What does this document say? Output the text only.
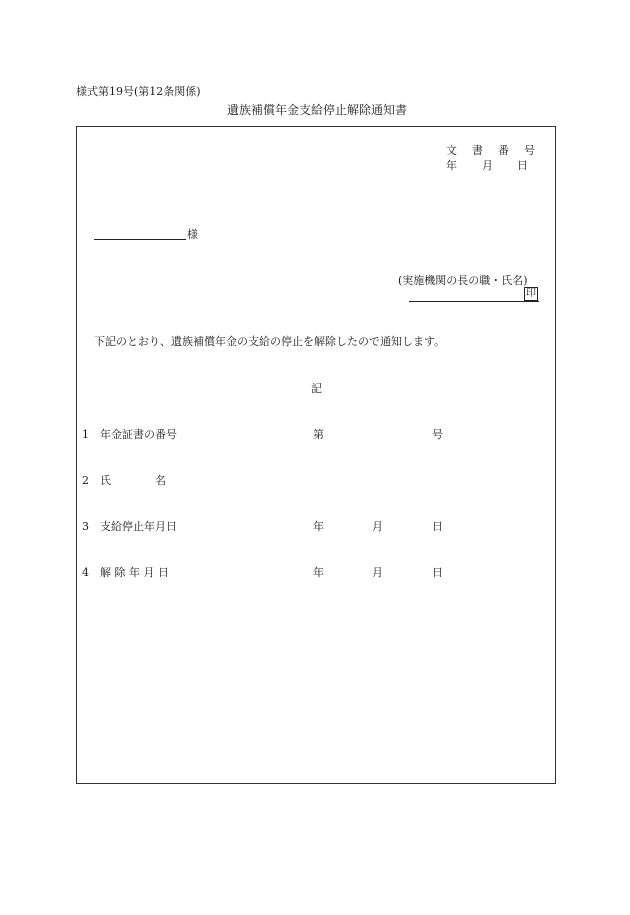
様式第19号(第12条関係)
遺族補償年金支給停止解除通知書
文　書　番　号
年 月 日
様
(実施機関の長の職・氏名)
印
下記のとおり、遺族補償年金の支給の停止を解除したので通知します。
記
1 年金証書の番号	第	号
2 氏　　　　名
3 支給停止年月日	年	月	日
4 解 除 年 月 日	年	月	日
